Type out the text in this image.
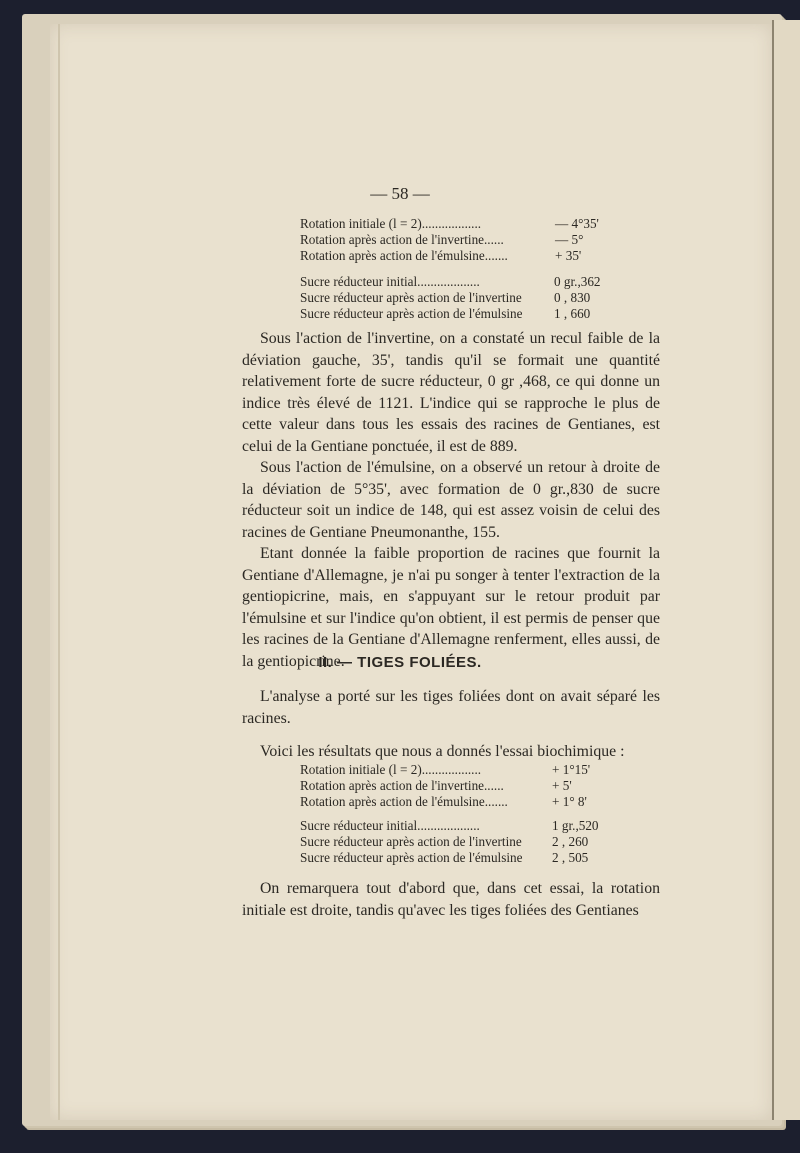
— 58 —
Rotation initiale (l = 2)..................	— 4°35'
Rotation après action de l'invertine......	— 5°
Rotation après action de l'émulsine.......	+ 35'
Sucre réducteur initial...................	0 gr.,362
Sucre réducteur après action de l'invertine 0 , 830
Sucre réducteur après action de l'émulsine 1 , 660

Sous l'action de l'invertine, on a constaté un recul faible de la déviation gauche, 35', tandis qu'il se formait une quantité relativement forte de sucre réducteur, 0 gr ,468, ce qui donne un indice très élevé de 1121. L'indice qui se rapproche le plus de cette valeur dans tous les essais des racines de Gentianes, est celui de la Gentiane ponctuée, il est de 889.

Sous l'action de l'émulsine, on a observé un retour à droite de la déviation de 5°35', avec formation de 0 gr.,830 de sucre réducteur soit un indice de 148, qui est assez voisin de celui des racines de Gentiane Pneumonanthe, 155.

Etant donnée la faible proportion de racines que fournit la Gentiane d'Allemagne, je n'ai pu songer à tenter l'extraction de la gentiopicrine, mais, en s'appuyant sur le retour produit par l'émulsine et sur l'indice qu'on obtient, il est permis de penser que les racines de la Gentiane d'Allemagne renferment, elles aussi, de la gentiopicrine.

II. — TIGES FOLIÉES.

L'analyse a porté sur les tiges foliées dont on avait séparé les racines.

Voici les résultats que nous a donnés l'essai biochimique :

Rotation initiale (l = 2)..................	+ 1°15'
Rotation après action de l'invertine......	+ 5'
Rotation après action de l'émulsine.......	+ 1° 8'
Sucre réducteur initial...................	1 gr.,520
Sucre réducteur après action de l'invertine 2 , 260
Sucre réducteur après action de l'émulsine 2 , 505

On remarquera tout d'abord que, dans cet essai, la rotation initiale est droite, tandis qu'avec les tiges foliées des Gentianes
